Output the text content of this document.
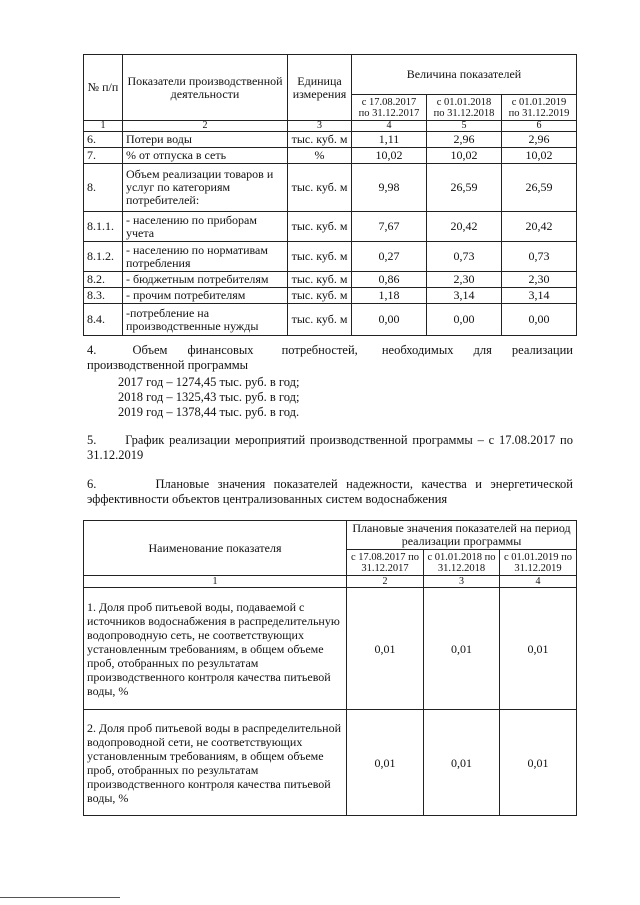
№ п/п	Показатели производственной деятельности	Единица измерения	Величина показателей		
			с 17.08.2017 по 31.12.2017	с 01.01.2018 по 31.12.2018	с 01.01.2019 по 31.12.2019
1	2	3	4	5	6
6.	Потери воды	тыс. куб. м	1,11	2,96	2,96
7.	% от отпуска в сеть	%	10,02	10,02	10,02
8.	Объем реализации товаров и услуг по категориям потребителей:	тыс. куб. м	9,98	26,59	26,59
8.1.1.	- населению по приборам учета	тыс. куб. м	7,67	20,42	20,42
8.1.2.	- населению по нормативам потребления	тыс. куб. м	0,27	0,73	0,73
8.2.	- бюджетным потребителям	тыс. куб. м	0,86	2,30	2,30
8.3.	- прочим потребителям	тыс. куб. м	1,18	3,14	3,14
8.4.	-потребление на производственные нужды	тыс. куб. м	0,00	0,00	0,00

4.         Объем     финансовых       потребностей,      необходимых     для     реализации производственной программы

2017 год – 1274,45 тыс. руб. в год;

2018 год – 1325,43 тыс. руб. в год;

2019 год – 1378,44 тыс. руб. в год.

5.      График реализации мероприятий производственной программы – с 17.08.2017 по 31.12.2019

6.       Плановые значения показателей надежности, качества и энергетической эффективности объектов централизованных систем водоснабжения

Наименование показателя	Плановые значения показателей на период реализации программы		
	с 17.08.2017 по 31.12.2017	с 01.01.2018 по 31.12.2018	с 01.01.2019 по 31.12.2019
1	2	3	4
1. Доля проб питьевой воды, подаваемой с источников водоснабжения в распределительную водопроводную сеть, не соответствующих установленным требованиям, в общем объеме проб, отобранных по результатам производственного контроля качества питьевой воды, %	0,01	0,01	0,01
2. Доля проб питьевой воды в распределительной водопроводной сети, не соответствующих установленным требованиям, в общем объеме проб, отобранных по результатам производственного контроля качества питьевой воды, %	0,01	0,01	0,01
